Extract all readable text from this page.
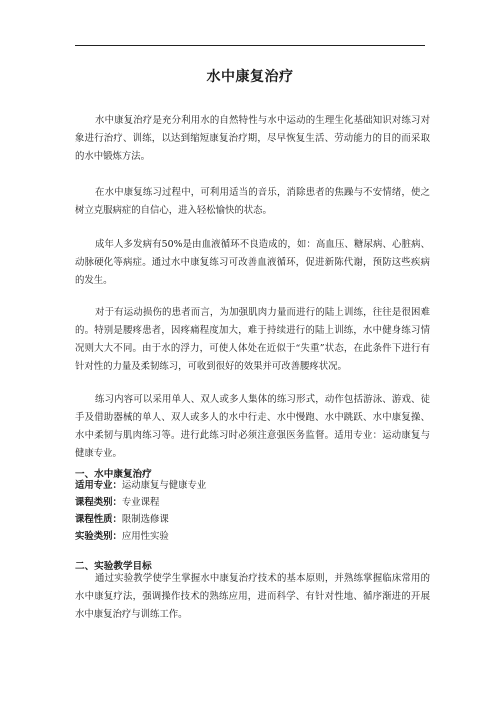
水中康复治疗

水中康复治疗是充分利用水的自然特性与水中运动的生理生化基础知识对练习对象进行治疗、训练，以达到缩短康复治疗期，尽早恢复生活、劳动能力的目的而采取的水中锻炼方法。

在水中康复练习过程中，可利用适当的音乐，消除患者的焦躁与不安情绪，使之树立克服病症的自信心，进入轻松愉快的状态。

成年人多发病有50%是由血液循环不良造成的，如：高血压、糖尿病、心脏病、动脉硬化等病症。通过水中康复练习可改善血液循环，促进新陈代谢，预防这些疾病的发生。

对于有运动损伤的患者而言，为加强肌肉力量而进行的陆上训练，往往是很困难的。特别是腰疼患者，因疼痛程度加大，难于持续进行的陆上训练，水中健身练习情况则大大不同。由于水的浮力，可使人体处在近似于“失重”状态，在此条件下进行有针对性的力量及柔韧练习，可收到很好的效果并可改善腰疼状况。

练习内容可以采用单人、双人或多人集体的练习形式，动作包括游泳、游戏、徒手及借助器械的单人、双人或多人的水中行走、水中慢跑、水中跳跃、水中康复操、水中柔韧与肌肉练习等。进行此练习时必须注意强医务监督。适用专业：运动康复与健康专业。

一、水中康复治疗

适用专业：运动康复与健康专业
课程类别：专业课程
课程性质：限制选修课
实验类别：应用性实验

二、实验教学目标

通过实验教学使学生掌握水中康复治疗技术的基本原则，并熟练掌握临床常用的水中康复疗法，强调操作技术的熟练应用，进而科学、有针对性地、循序渐进的开展水中康复治疗与训练工作。
